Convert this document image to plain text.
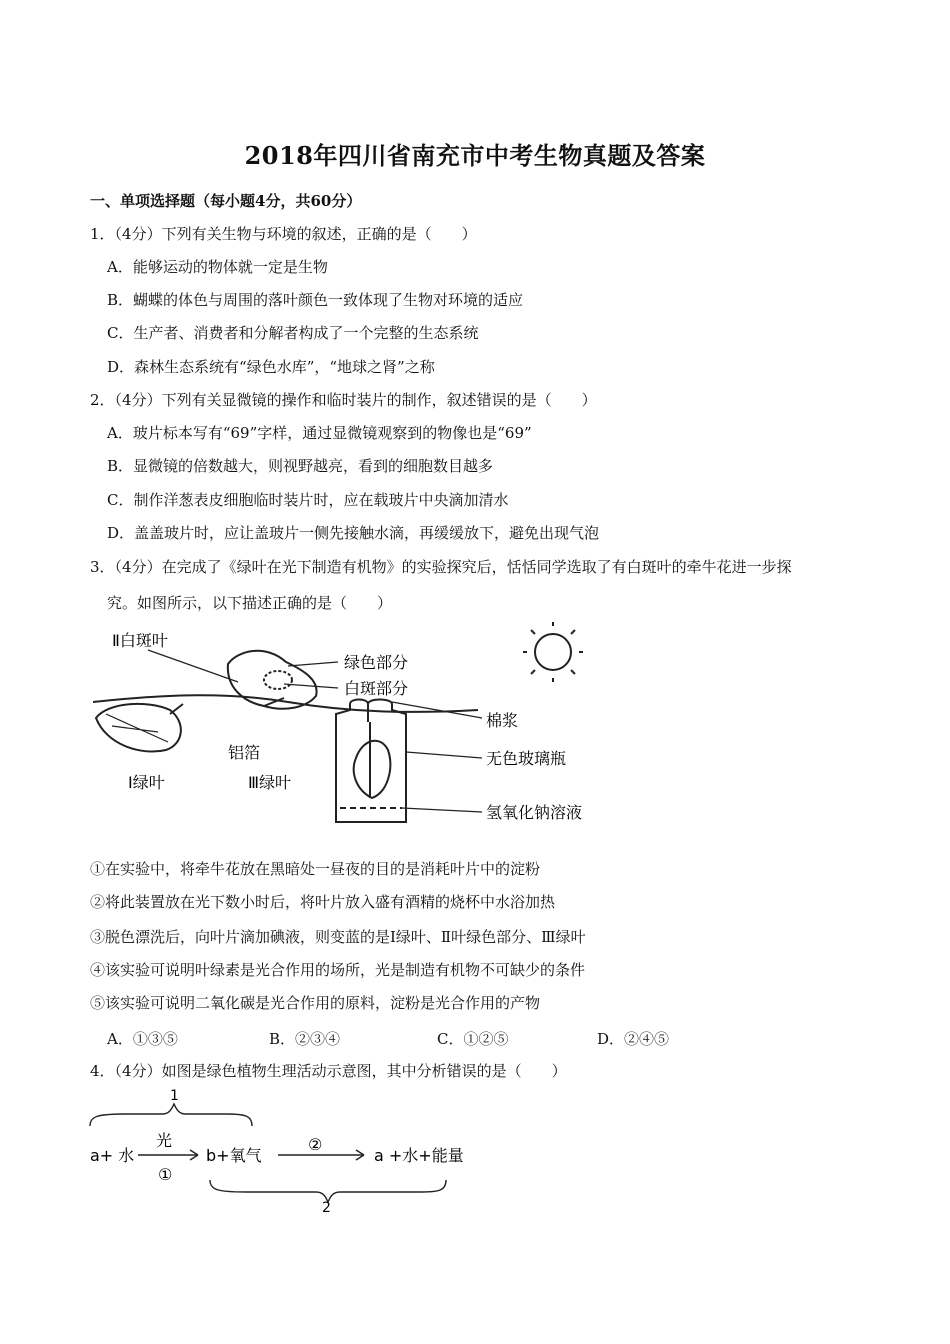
2018年四川省南充市中考生物真题及答案
一、单项选择题（每小题4分，共60分）
1．（4分）下列有关生物与环境的叙述，正确的是（　　）
A．能够运动的物体就一定是生物
B．蝴蝶的体色与周围的落叶颜色一致体现了生物对环境的适应
C．生产者、消费者和分解者构成了一个完整的生态系统
D．森林生态系统有“绿色水库”，“地球之肾”之称
2．（4分）下列有关显微镜的操作和临时装片的制作，叙述错误的是（　　）
A．玻片标本写有“69”字样，通过显微镜观察到的物像也是“69”
B．显微镜的倍数越大，则视野越亮，看到的细胞数目越多
C．制作洋葱表皮细胞临时装片时，应在载玻片中央滴加清水
D．盖盖玻片时，应让盖玻片一侧先接触水滴，再缓缓放下，避免出现气泡
3．（4分）在完成了《绿叶在光下制造有机物》的实验探究后，恬恬同学选取了有白斑叶的牵牛花进一步探
究。如图所示，以下描述正确的是（　　）
Ⅱ白斑叶
绿色部分
白斑部分
棉浆
铝箔	无色玻璃瓶
Ⅰ绿叶	Ⅲ绿叶
氢氧化钠溶液
①在实验中，将牵牛花放在黑暗处一昼夜的目的是消耗叶片中的淀粉
②将此装置放在光下数小时后，将叶片放入盛有酒精的烧杯中水浴加热
③脱色漂洗后，向叶片滴加碘液，则变蓝的是Ⅰ绿叶、Ⅱ叶绿色部分、Ⅲ绿叶
④该实验可说明叶绿素是光合作用的场所，光是制造有机物不可缺少的条件
⑤该实验可说明二氧化碳是光合作用的原料，淀粉是光合作用的产物
A．①③⑤	B．②③④	C．①②⑤	D．②④⑤
4．（4分）如图是绿色植物生理活动示意图，其中分析错误的是（　　）
1
a+ 水
光
①
b+氧气
②
a +水+能量
2
